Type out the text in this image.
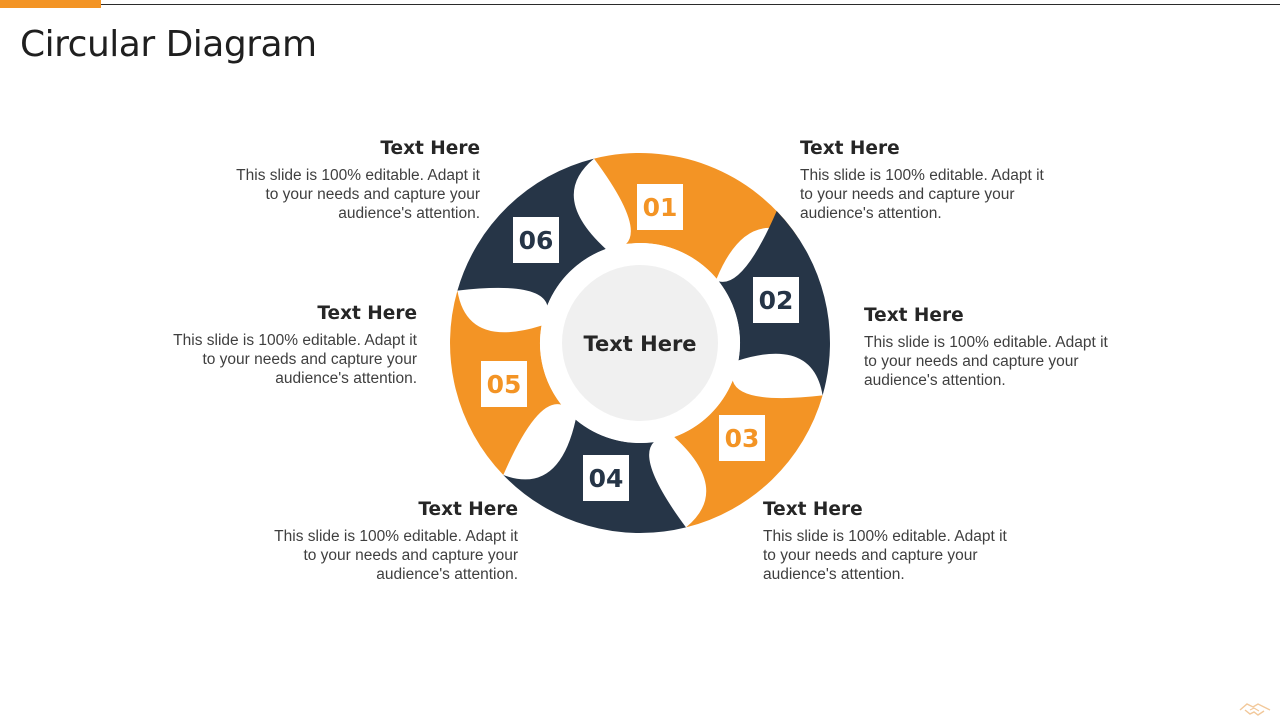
Circular Diagram
Text Here
01
02
03
04
05
06

Text Here

This slide is 100% editable. Adapt it to your needs and capture your audience's attention.

Text Here

This slide is 100% editable. Adapt it to your needs and capture your audience's attention.

Text Here

This slide is 100% editable. Adapt it to your needs and capture your audience's attention.

Text Here

This slide is 100% editable. Adapt it to your needs and capture your audience's attention.

Text Here

This slide is 100% editable. Adapt it to your needs and capture your audience's attention.

Text Here

This slide is 100% editable. Adapt it to your needs and capture your audience's attention.
